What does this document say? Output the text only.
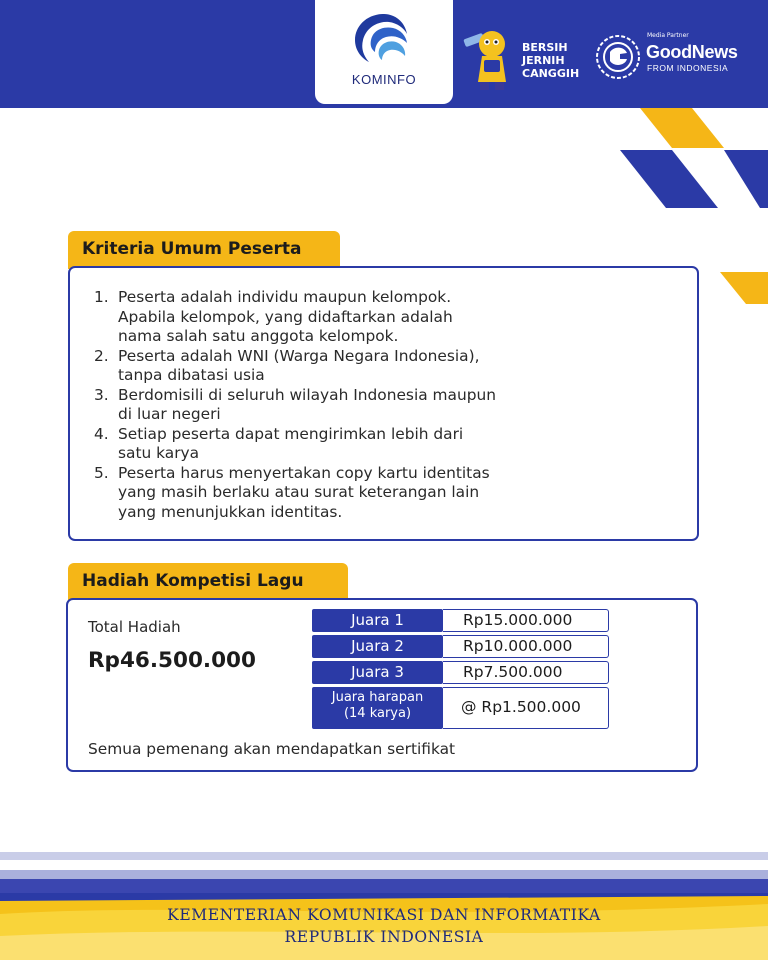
KOMINFO
BERSIH
JERNIH
CANGGIH
Media Partner
GoodNews
FROM INDONESIA
Kriteria Umum Peserta
1. Peserta adalah individu maupun kelompok.
Apabila kelompok, yang didaftarkan adalah
nama salah satu anggota kelompok.
2. Peserta adalah WNI (Warga Negara Indonesia),
tanpa dibatasi usia
3. Berdomisili di seluruh wilayah Indonesia maupun
di luar negeri
4. Setiap peserta dapat mengirimkan lebih dari
satu karya
5. Peserta harus menyertakan copy kartu identitas
yang masih berlaku atau surat keterangan lain
yang menunjukkan identitas.
Hadiah Kompetisi Lagu
Total Hadiah
Rp46.500.000
Juara 1	Rp15.000.000
Juara 2	Rp10.000.000
Juara 3	Rp7.500.000
Juara harapan
(14 karya)	@ Rp1.500.000
Semua pemenang akan mendapatkan sertifikat
KEMENTERIAN KOMUNIKASI DAN INFORMATIKA
REPUBLIK INDONESIA
